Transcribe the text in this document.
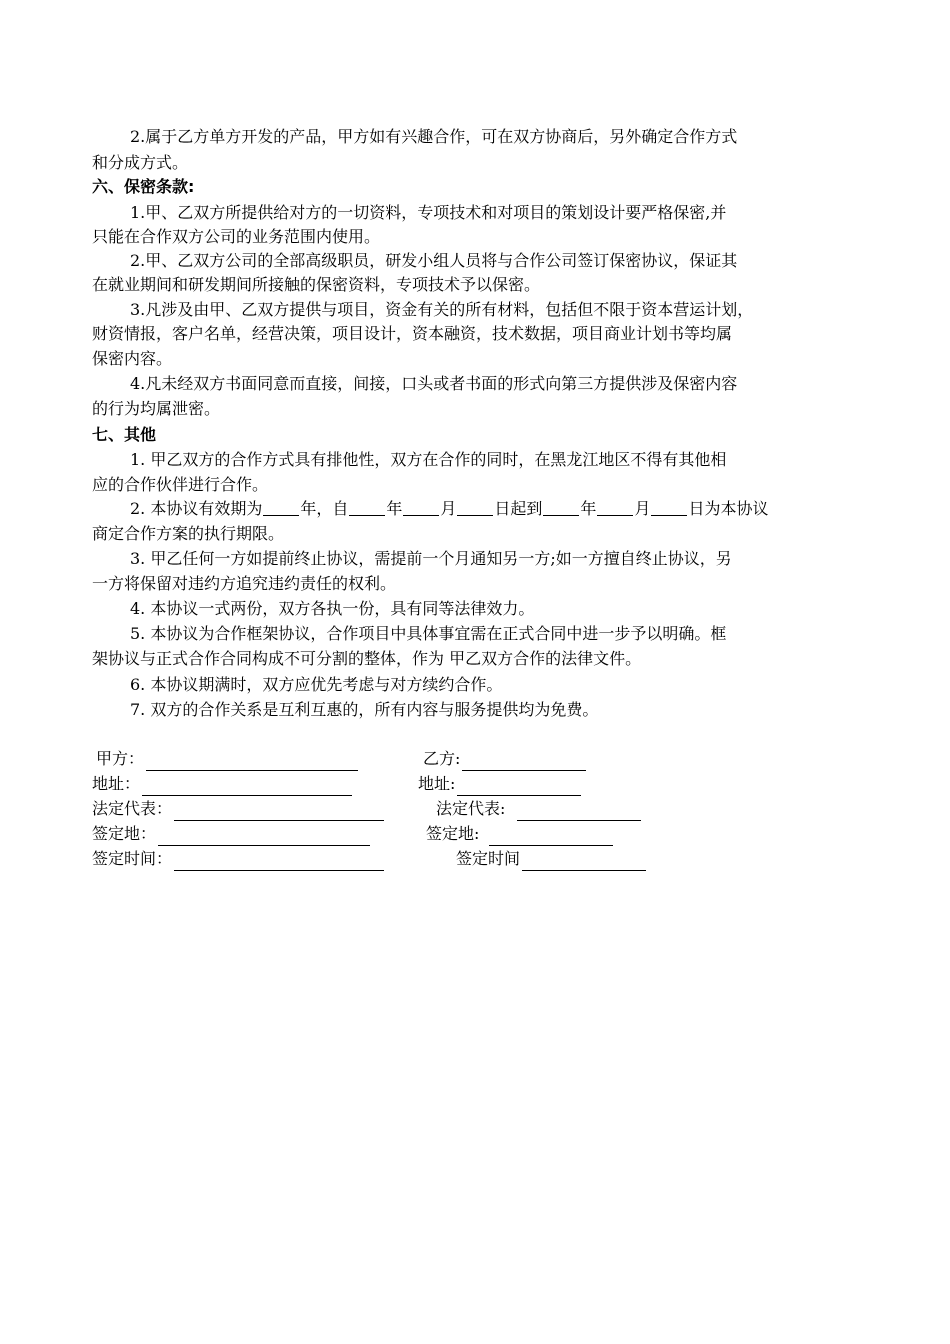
2.属于乙方单方开发的产品，甲方如有兴趣合作，可在双方协商后，另外确定合作方式
和分成方式。
六、保密条款:
1.甲、乙双方所提供给对方的一切资料，专项技术和对项目的策划设计要严格保密,并
只能在合作双方公司的业务范围内使用。
2.甲、乙双方公司的全部高级职员，研发小组人员将与合作公司签订保密协议，保证其
在就业期间和研发期间所接触的保密资料，专项技术予以保密。
3.凡涉及由甲、乙双方提供与项目，资金有关的所有材料，包括但不限于资本营运计划，
财资情报，客户名单，经营决策，项目设计，资本融资，技术数据，项目商业计划书等均属
保密内容。
4.凡未经双方书面同意而直接，间接，口头或者书面的形式向第三方提供涉及保密内容
的行为均属泄密。
七、其他
1. 甲乙双方的合作方式具有排他性，双方在合作的同时，在黑龙江地区不得有其他相
应的合作伙伴进行合作。
2. 本协议有效期为 年，自 年 月 日起到 年 月 日为本协议
商定合作方案的执行期限。
3. 甲乙任何一方如提前终止协议，需提前一个月通知另一方;如一方擅自终止协议，另
一方将保留对违约方追究违约责任的权利。
4. 本协议一式两份，双方各执一份，具有同等法律效力。
5. 本协议为合作框架协议，合作项目中具体事宜需在正式合同中进一步予以明确。框
架协议与正式合作合同构成不可分割的整体，作为 甲乙双方合作的法律文件。
6. 本协议期满时，双方应优先考虑与对方续约合作。
7. 双方的合作关系是互利互惠的，所有内容与服务提供均为免费。
甲方：	乙方:
地址：	地址:
法定代表：	法定代表:
签定地：	签定地:
签定时间：	签定时间
